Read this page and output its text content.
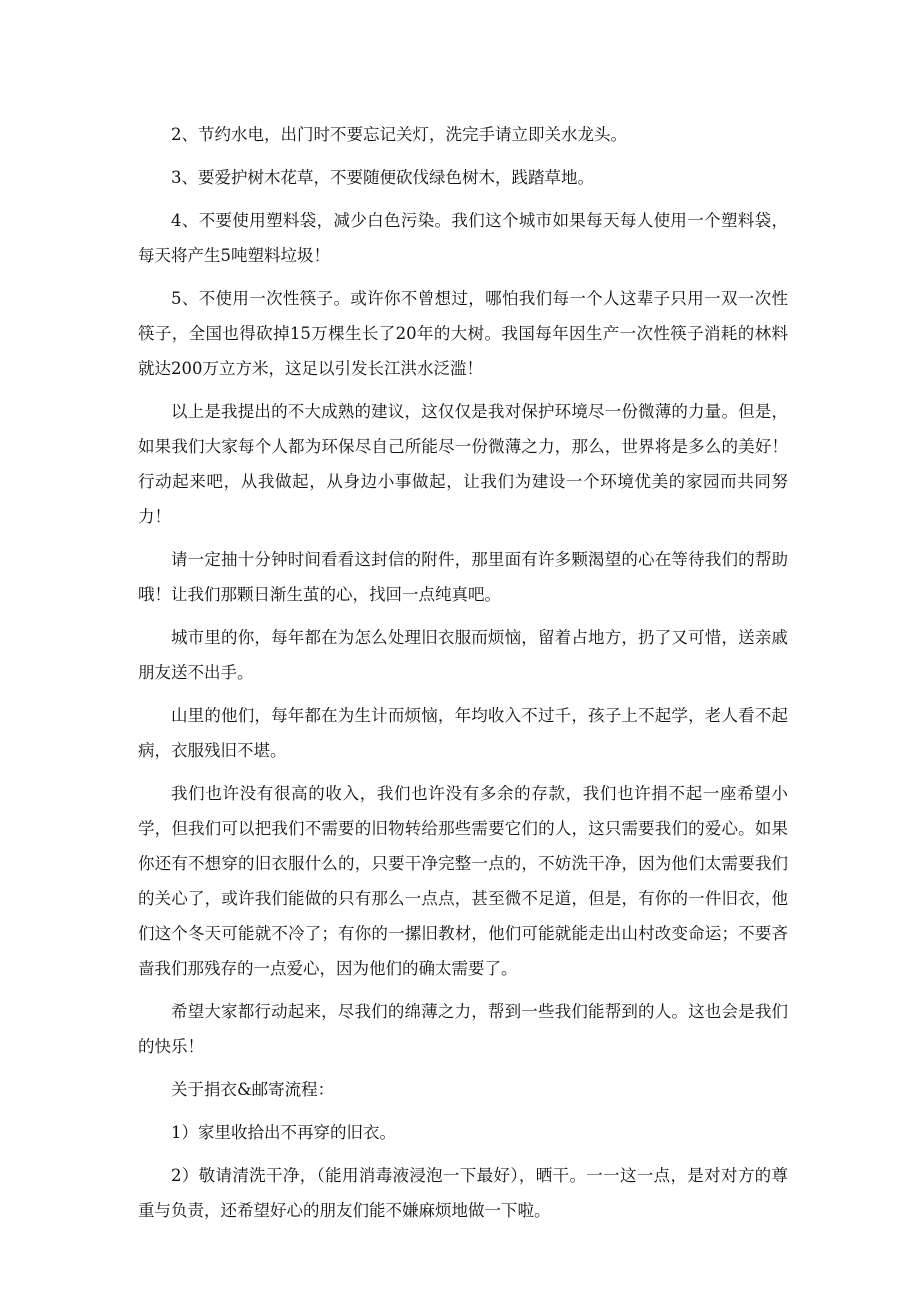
2、节约水电，出门时不要忘记关灯，洗完手请立即关水龙头。

3、要爱护树木花草，不要随便砍伐绿色树木，践踏草地。

4、不要使用塑料袋，减少白色污染。我们这个城市如果每天每人使用一个塑料袋，每天将产生5吨塑料垃圾！

5、不使用一次性筷子。或许你不曾想过，哪怕我们每一个人这辈子只用一双一次性筷子，全国也得砍掉15万棵生长了20年的大树。我国每年因生产一次性筷子消耗的林料就达200万立方米，这足以引发长江洪水泛滥！

以上是我提出的不大成熟的建议，这仅仅是我对保护环境尽一份微薄的力量。但是，如果我们大家每个人都为环保尽自己所能尽一份微薄之力，那么，世界将是多么的美好！行动起来吧，从我做起，从身边小事做起，让我们为建设一个环境优美的家园而共同努力！

请一定抽十分钟时间看看这封信的附件，那里面有许多颗渴望的心在等待我们的帮助哦！让我们那颗日渐生茧的心，找回一点纯真吧。

城市里的你，每年都在为怎么处理旧衣服而烦恼，留着占地方，扔了又可惜，送亲戚朋友送不出手。

山里的他们，每年都在为生计而烦恼，年均收入不过千，孩子上不起学，老人看不起病，衣服残旧不堪。

我们也许没有很高的收入，我们也许没有多余的存款，我们也许捐不起一座希望小学，但我们可以把我们不需要的旧物转给那些需要它们的人，这只需要我们的爱心。如果你还有不想穿的旧衣服什么的，只要干净完整一点的，不妨洗干净，因为他们太需要我们的关心了，或许我们能做的只有那么一点点，甚至微不足道，但是，有你的一件旧衣，他们这个冬天可能就不冷了；有你的一摞旧教材，他们可能就能走出山村改变命运；不要吝啬我们那残存的一点爱心，因为他们的确太需要了。

希望大家都行动起来，尽我们的绵薄之力，帮到一些我们能帮到的人。这也会是我们的快乐！

关于捐衣&邮寄流程：

1）家里收拾出不再穿的旧衣。

2）敬请清洗干净，（能用消毒液浸泡一下最好），晒干。一一这一点，是对对方的尊重与负责，还希望好心的朋友们能不嫌麻烦地做一下啦。
